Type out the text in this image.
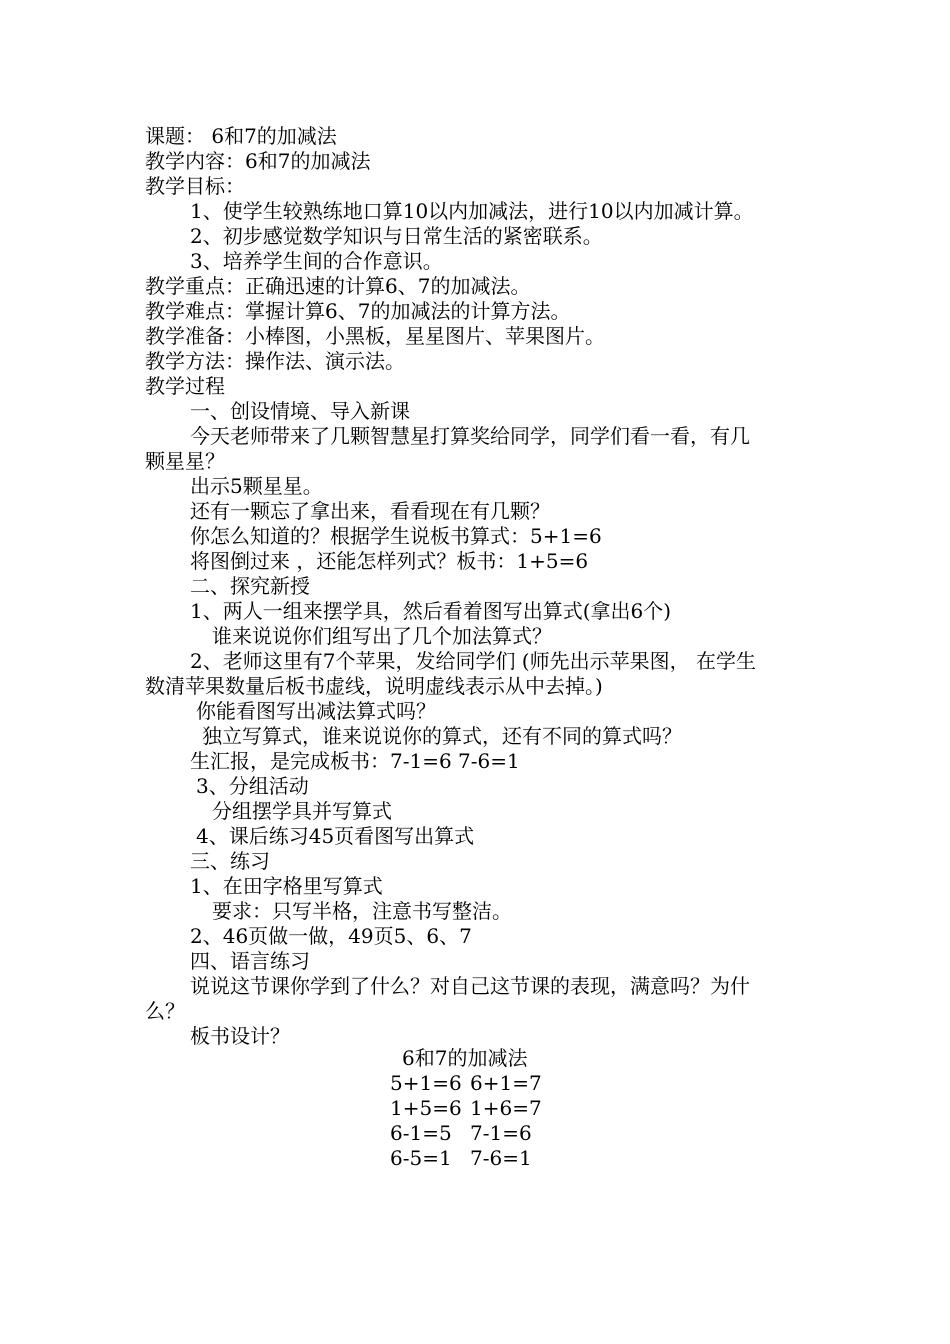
课题： 6和7的加减法
教学内容：6和7的加减法
教学目标：
1、使学生较熟练地口算10以内加减法，进行10以内加减计算。
2、初步感觉数学知识与日常生活的紧密联系。
3、培养学生间的合作意识。
教学重点：正确迅速的计算6、7的加减法。
教学难点：掌握计算6、7的加减法的计算方法。
教学准备：小棒图，小黑板，星星图片、苹果图片。
教学方法：操作法、演示法。
教学过程
一、创设情境、导入新课
今天老师带来了几颗智慧星打算奖给同学，同学们看一看，有几
颗星星？
出示5颗星星。
还有一颗忘了拿出来，看看现在有几颗？
你怎么知道的？根据学生说板书算式：5+1=6
将图倒过来 ，还能怎样列式？板书：1+5=6
二、探究新授
1、两人一组来摆学具，然后看着图写出算式(拿出6个)
谁来说说你们组写出了几个加法算式？
2、老师这里有7个苹果，发给同学们 (师先出示苹果图， 在学生
数清苹果数量后板书虚线，说明虚线表示从中去掉。)
你能看图写出减法算式吗？
独立写算式，谁来说说你的算式，还有不同的算式吗？
生汇报，是完成板书：7-1=6 7-6=1
3、分组活动
分组摆学具并写算式
4、课后练习45页看图写出算式
三、练习
1、在田字格里写算式
要求：只写半格，注意书写整洁。
2、46页做一做，49页5、6、7
四、语言练习
说说这节课你学到了什么？对自己这节课的表现，满意吗？为什
么？
板书设计？
6和7的加减法
5+1=6 6+1=7
1+5=6 1+6=7
6-1=5 7-1=6
6-5=1 7-6=1
